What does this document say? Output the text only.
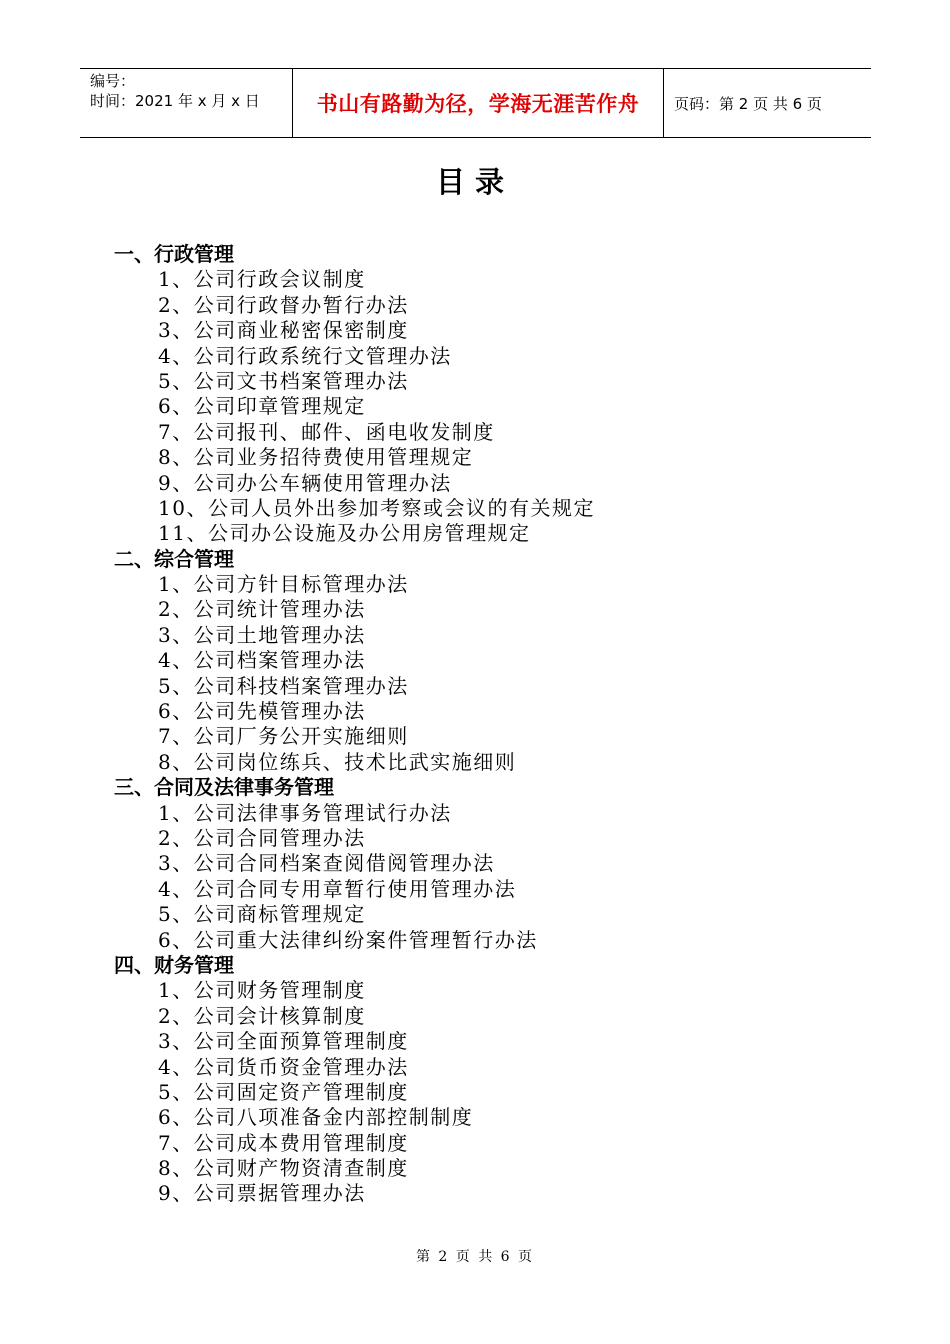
编号：
时间：2021 年 x 月 x 日	书山有路勤为径，学海无涯苦作舟	页码：第 2 页 共 6 页
目录
一、行政管理
1、公司行政会议制度
2、公司行政督办暂行办法
3、公司商业秘密保密制度
4、公司行政系统行文管理办法
5、公司文书档案管理办法
6、公司印章管理规定
7、公司报刊、邮件、函电收发制度
8、公司业务招待费使用管理规定
9、公司办公车辆使用管理办法
10、公司人员外出参加考察或会议的有关规定
11、公司办公设施及办公用房管理规定
二、综合管理
1、公司方针目标管理办法
2、公司统计管理办法
3、公司土地管理办法
4、公司档案管理办法
5、公司科技档案管理办法
6、公司先模管理办法
7、公司厂务公开实施细则
8、公司岗位练兵、技术比武实施细则
三、合同及法律事务管理
1、公司法律事务管理试行办法
2、公司合同管理办法
3、公司合同档案查阅借阅管理办法
4、公司合同专用章暂行使用管理办法
5、公司商标管理规定
6、公司重大法律纠纷案件管理暂行办法
四、财务管理
1、公司财务管理制度
2、公司会计核算制度
3、公司全面预算管理制度
4、公司货币资金管理办法
5、公司固定资产管理制度
6、公司八项准备金内部控制制度
7、公司成本费用管理制度
8、公司财产物资清查制度
9、公司票据管理办法
第 2 页 共 6 页
